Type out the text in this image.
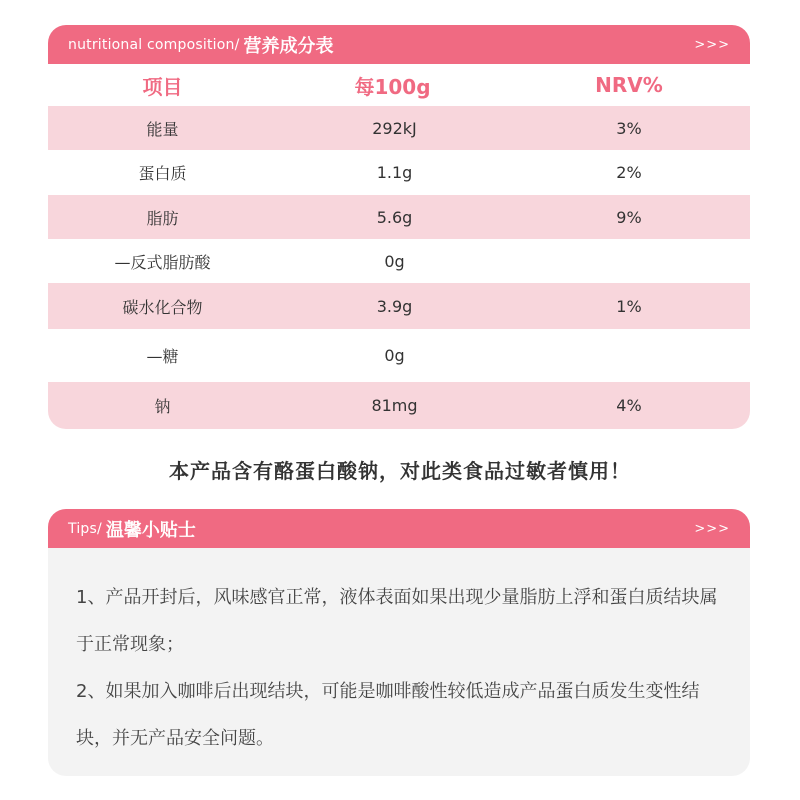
nutritional composition/ 营养成分表	>>>
项目	每100g	NRV%
能量	292kJ	3%
蛋白质	1.1g	2%
脂肪	5.6g	9%
—反式脂肪酸	0g
碳水化合物	3.9g	1%
—糖	0g
钠	81mg	4%
本产品含有酪蛋白酸钠，对此类食品过敏者慎用！
Tips/ 温馨小贴士	>>>

1、产品开封后，风味感官正常，液体表面如果出现少量脂肪上浮和蛋白质结块属于正常现象；

2、如果加入咖啡后出现结块，可能是咖啡酸性较低造成产品蛋白质发生变性结块，并无产品安全问题。
